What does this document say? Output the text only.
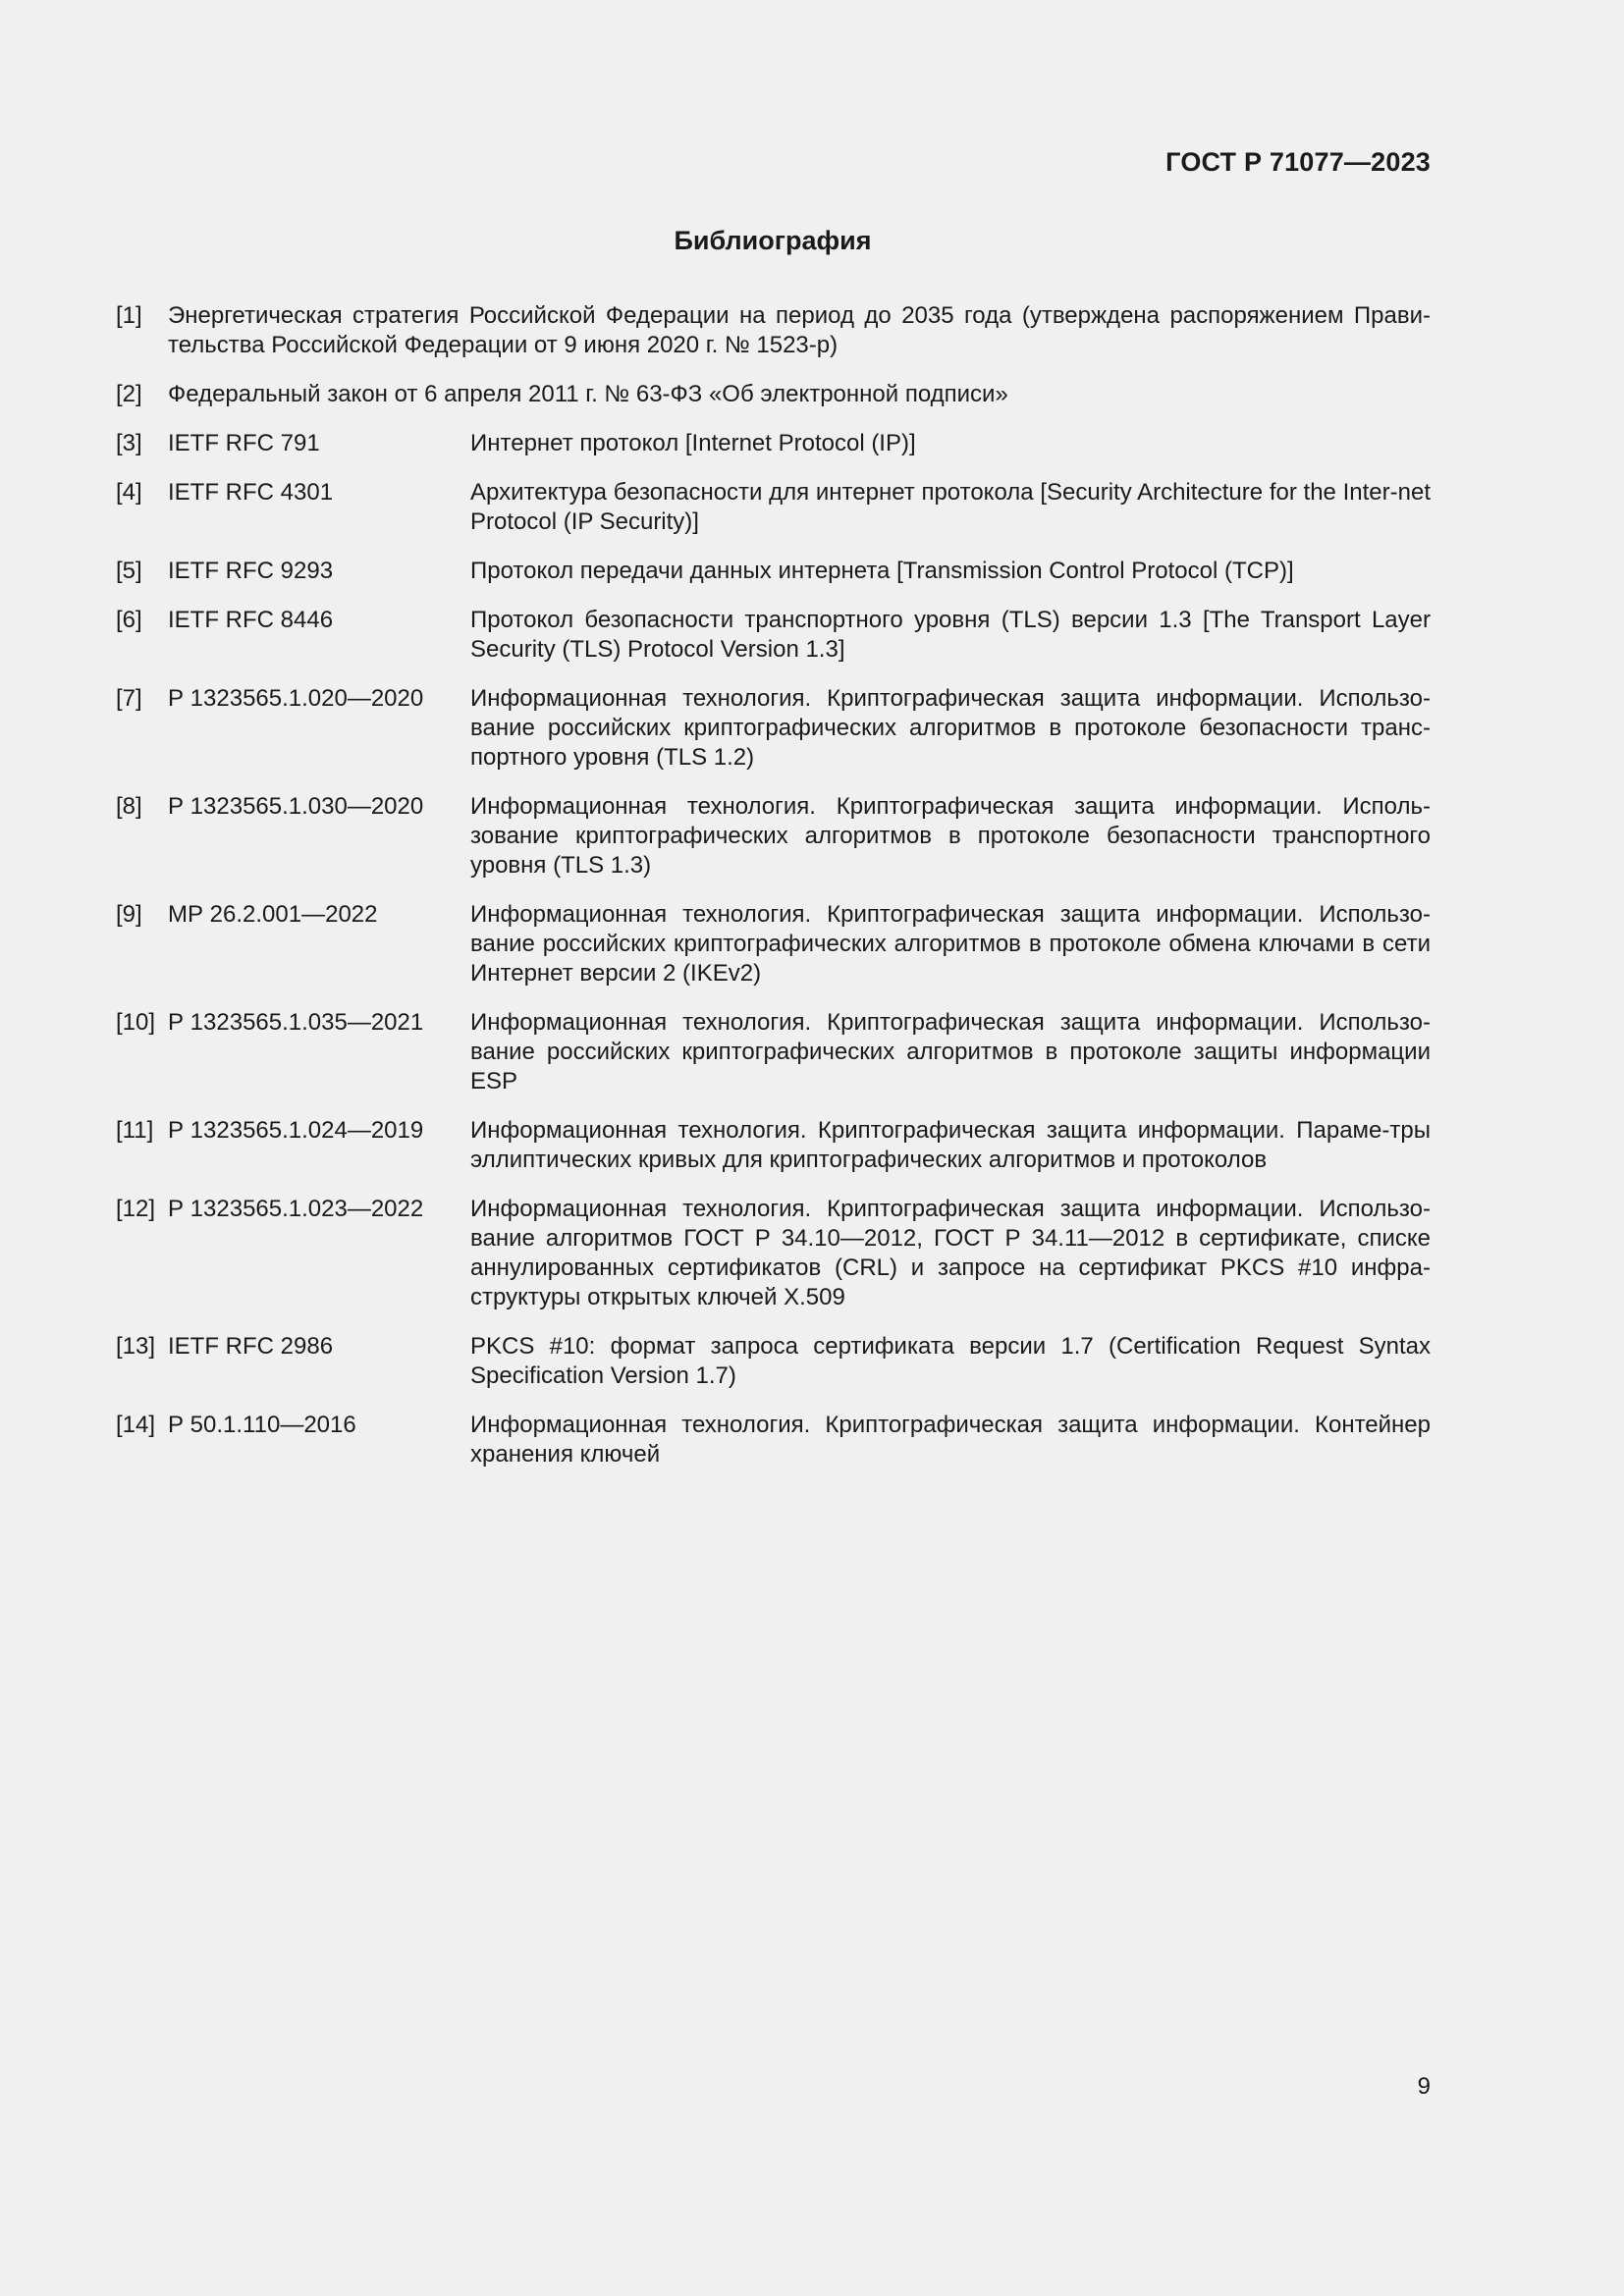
ГОСТ Р 71077—2023
Библиография
[1]	Энергетическая стратегия Российской Федерации на период до 2035 года (утверждена распоряжением Прави-тельства Российской Федерации от 9 июня 2020 г. № 1523-р)
[2]	Федеральный закон от 6 апреля 2011 г. № 63-ФЗ «Об электронной подписи»
[3]	IETF RFC 791	Интернет протокол [Internet Protocol (IP)]
[4]	IETF RFC 4301	Архитектура безопасности для интернет протокола [Security Architecture for the Inter-net Protocol (IP Security)]
[5]	IETF RFC 9293	Протокол передачи данных интернета [Transmission Control Protocol (TCP)]
[6]	IETF RFC 8446	Протокол безопасности транспортного уровня (TLS) версии 1.3 [The Transport Layer Security (TLS) Protocol Version 1.3]
[7]	Р 1323565.1.020—2020	Информационная технология. Криптографическая защита информации. Использо-вание российских криптографических алгоритмов в протоколе безопасности транс-портного уровня (TLS 1.2)
[8]	Р 1323565.1.030—2020	Информационная технология. Криптографическая защита информации. Исполь-зование криптографических алгоритмов в протоколе безопасности транспортного уровня (TLS 1.3)
[9]	МР 26.2.001—2022	Информационная технология. Криптографическая защита информации. Использо-вание российских криптографических алгоритмов в протоколе обмена ключами в сети Интернет версии 2 (IKEv2)
[10] Р 1323565.1.035—2021	Информационная технология. Криптографическая защита информации. Использо-вание российских криптографических алгоритмов в протоколе защиты информации ESP
[11] Р 1323565.1.024—2019	Информационная технология. Криптографическая защита информации. Параме-тры эллиптических кривых для криптографических алгоритмов и протоколов
[12] Р 1323565.1.023—2022	Информационная технология. Криптографическая защита информации. Использо-вание алгоритмов ГОСТ Р 34.10—2012, ГОСТ Р 34.11—2012 в сертификате, списке аннулированных сертификатов (CRL) и запросе на сертификат PKCS #10 инфра-структуры открытых ключей X.509
[13] IETF RFC 2986	PKCS #10: формат запроса сертификата версии 1.7 (Certification Request Syntax Specification Version 1.7)
[14] Р 50.1.110—2016	Информационная технология. Криптографическая защита информации. Контейнер хранения ключей
9
